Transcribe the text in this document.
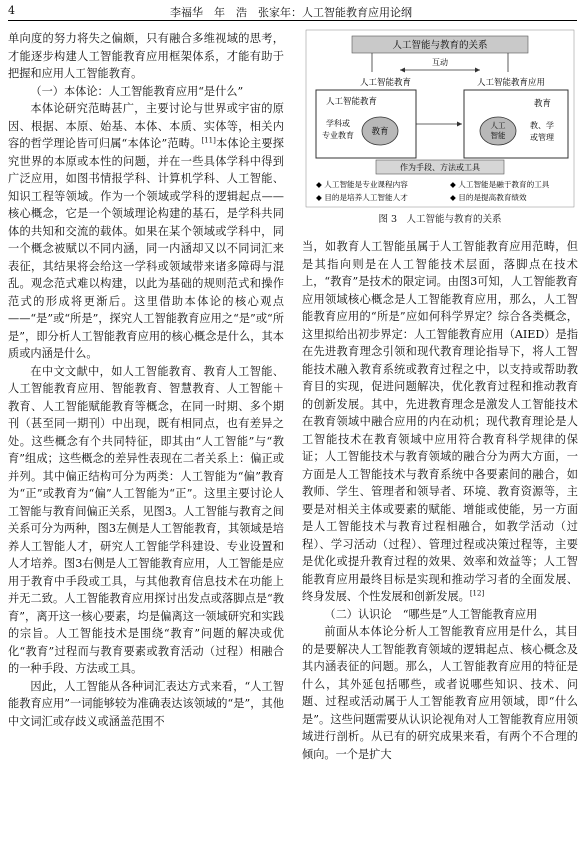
4	李福华　年　浩　张家年：人工智能教育应用论纲

单向度的努力将失之偏颇，只有融合多维视域的思考，才能逐步构建人工智能教育应用框架体系，才能有助于把握和应用人工智能教育。

（一）本体论：人工智能教育应用“是什么”

本体论研究范畴甚广，主要讨论与世界或宇宙的原因、根据、本原、始基、本体、本质、实体等，相关内容的哲学理论皆可归属“本体论”范畴。[11]本体论主要探究世界的本原或本性的问题，并在一些具体学科中得到广泛应用，如图书情报学科、计算机学科、人工智能、知识工程等领域。作为一个领域或学科的逻辑起点——核心概念，它是一个领域理论构建的基石，是学科共同体的共知和交流的载体。如果在某个领域或学科中，同一个概念被赋以不同内涵，同一内涵却又以不同词汇来表征，其结果将会给这一学科或领域带来诸多障碍与混乱。观念范式难以构建，以此为基础的规则范式和操作范式的形成将更渐后。这里借助本体论的核心观点——“是”或“所是”，探究人工智能教育应用之“是”或“所是”，即分析人工智能教育应用的核心概念是什么，其本质或内涵是什么。

在中文文献中，如人工智能教育、教育人工智能、人工智能教育应用、智能教育、智慧教育、人工智能＋教育、人工智能赋能教育等概念，在同一时期、多个期刊（甚至同一期刊）中出现，既有相同点，也有差异之处。这些概念有个共同特征，即其由“人工智能”与“教育”组成；这些概念的差异性表现在二者关系上：偏正或并列。其中偏正结构可分为两类：人工智能为“偏”教育为“正”或教育为“偏”人工智能为“正”。这里主要讨论人工智能与教育间偏正关系，见图3。人工智能与教育之间关系可分为两种，图3左侧是人工智能教育，其领域是培养人工智能人才，研究人工智能学科建设、专业设置和人才培养。图3右侧是人工智能教育应用，人工智能是应用于教育中手段或工具，与其他教育信息技术在功能上并无二致。人工智能教育应用探讨出发点或落脚点是“教育”，离开这一核心要素，均是偏离这一领域研究和实践的宗旨。人工智能技术是围绕“教育”问题的解决或优化“教育”过程而与教育要素或教育活动（过程）相融合的一种手段、方法或工具。

因此，人工智能从各种词汇表达方式来看，“人工智能教育应用”一词能够较为准确表达该领域的“是”，其他中文词汇或存歧义或涵盖范围不

人工智能与教育的关系
互动
人工智能教育	人工智能教育应用
人工智能教育
学科或
专业教育 教育
教育
人工
智能
教、学
或管理
作为手段、方法或工具
◆ 人工智能是专业课程内容
◆ 目的是培养人工智能人才
◆ 人工智能是融于教育的工具
◆ 目的是提高教育绩效
图 3　人工智能与教育的关系

当，如教育人工智能虽属于人工智能教育应用范畴，但是其指向则是在人工智能技术层面，落脚点在技术上，“教育”是技术的限定词。由图3可知，人工智能教育应用领域核心概念是人工智能教育应用，那么，人工智能教育应用的“所是”应如何科学界定？综合各类概念，这里拟给出初步界定：人工智能教育应用（AIED）是指在先进教育理念引领和现代教育理论指导下，将人工智能技术融入教育系统或教育过程之中，以支持或帮助教育目的实现，促进问题解决，优化教育过程和推动教育的创新发展。其中，先进教育理念是激发人工智能技术在教育领域中融合应用的内在动机；现代教育理论是人工智能技术在教育领域中应用符合教育科学规律的保证；人工智能技术与教育领域的融合分为两大方面，一方面是人工智能技术与教育系统中各要素间的融合，如教师、学生、管理者和领导者、环境、教育资源等，主要是对相关主体或要素的赋能、增能或使能，另一方面是人工智能技术与教育过程相融合，如教学活动（过程）、学习活动（过程）、管理过程或决策过程等，主要是优化或提升教育过程的效果、效率和效益等；人工智能教育应用最终目标是实现和推动学习者的全面发展、终身发展、个性发展和创新发展。[12]

（二）认识论　“哪些是”人工智能教育应用

前面从本体论分析人工智能教育应用是什么，其目的是要解决人工智能教育领域的逻辑起点、核心概念及其内涵表征的问题。那么，人工智能教育应用的特征是什么，其外延包括哪些，或者说哪些知识、技术、问题、过程或活动属于人工智能教育应用领域，即“什么是”。这些问题需要从认识论视角对人工智能教育应用领域进行剖析。从已有的研究成果来看，有两个不合理的倾向。一个是扩大
